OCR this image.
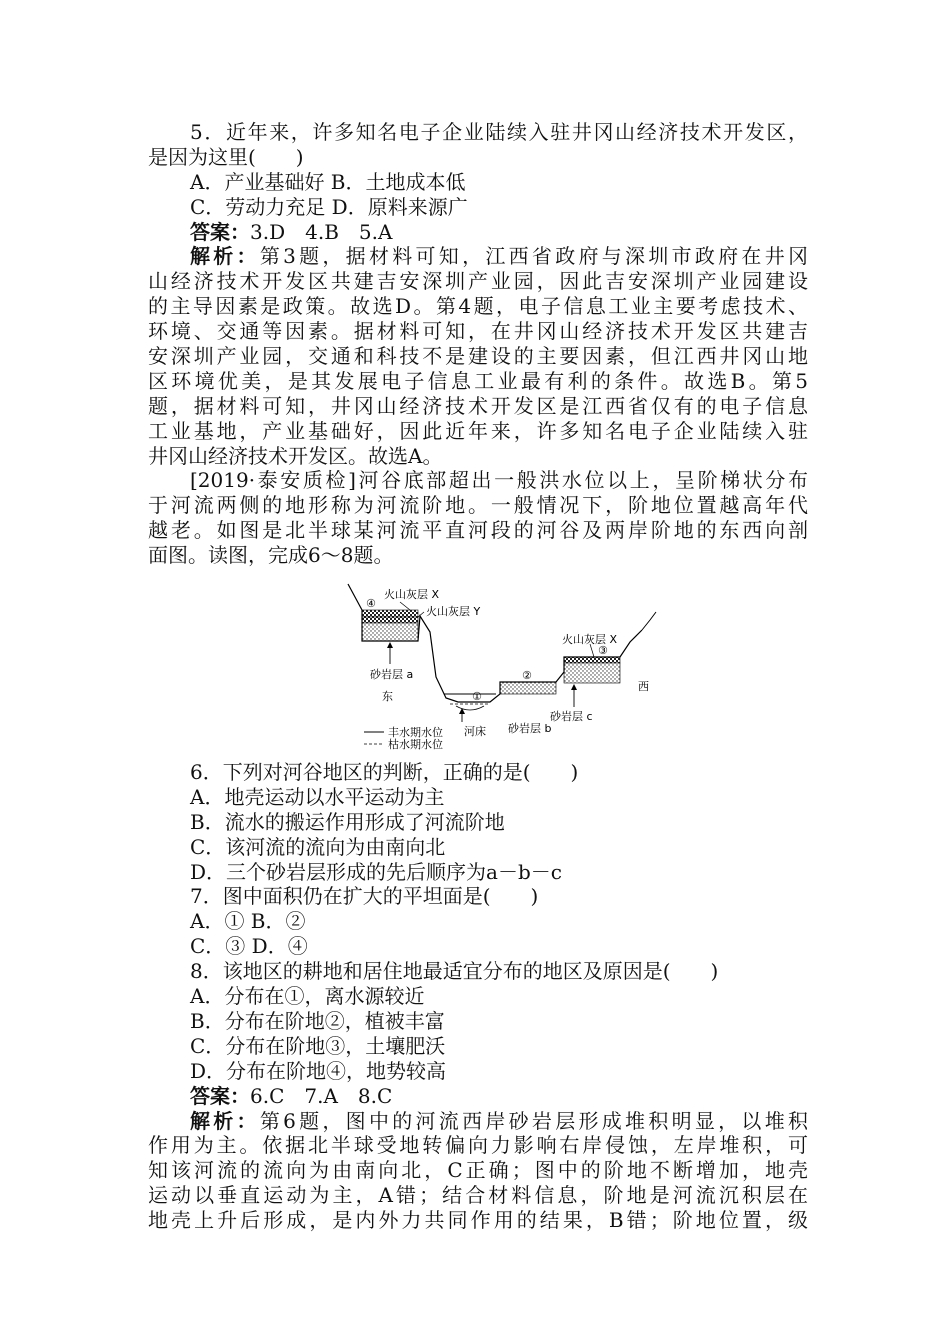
5．近年来，许多知名电子企业陆续入驻井冈山经济技术开发区，
是因为这里(　　)
A．产业基础好 B．土地成本低
C．劳动力充足 D．原料来源广
答案：3.D　4.B　5.A
解析：第3题，据材料可知，江西省政府与深圳市政府在井冈
山经济技术开发区共建吉安深圳产业园，因此吉安深圳产业园建设
的主导因素是政策。故选D。第4题，电子信息工业主要考虑技术、
环境、交通等因素。据材料可知，在井冈山经济技术开发区共建吉
安深圳产业园，交通和科技不是建设的主要因素，但江西井冈山地
区环境优美，是其发展电子信息工业最有利的条件。故选B。第5
题，据材料可知，井冈山经济技术开发区是江西省仅有的电子信息
工业基地，产业基础好，因此近年来，许多知名电子企业陆续入驻
井冈山经济技术开发区。故选A。
[2019·泰安质检]河谷底部超出一般洪水位以上，呈阶梯状分布
于河流两侧的地形称为河流阶地。一般情况下，阶地位置越高年代
越老。如图是北半球某河流平直河段的河谷及两岸阶地的东西向剖
面图。读图，完成6～8题。
火山灰层 X
火山灰层 Y
火山灰层 X
砂岩层 a
东
西
砂岩层 c
砂岩层 b
河床
丰水期水位
枯水期水位
④
①
②
③
6．下列对河谷地区的判断，正确的是(　　)
A．地壳运动以水平运动为主
B．流水的搬运作用形成了河流阶地
C．该河流的流向为由南向北
D．三个砂岩层形成的先后顺序为a－b－c
7．图中面积仍在扩大的平坦面是(　　)
A．① B．②
C．③ D．④
8．该地区的耕地和居住地最适宜分布的地区及原因是(　　)
A．分布在①，离水源较近
B．分布在阶地②，植被丰富
C．分布在阶地③，土壤肥沃
D．分布在阶地④，地势较高
答案：6.C　7.A　8.C
解析：第6题，图中的河流西岸砂岩层形成堆积明显，以堆积
作用为主。依据北半球受地转偏向力影响右岸侵蚀，左岸堆积，可
知该河流的流向为由南向北，C正确；图中的阶地不断增加，地壳
运动以垂直运动为主，A错；结合材料信息，阶地是河流沉积层在
地壳上升后形成，是内外力共同作用的结果，B错；阶地位置，级
